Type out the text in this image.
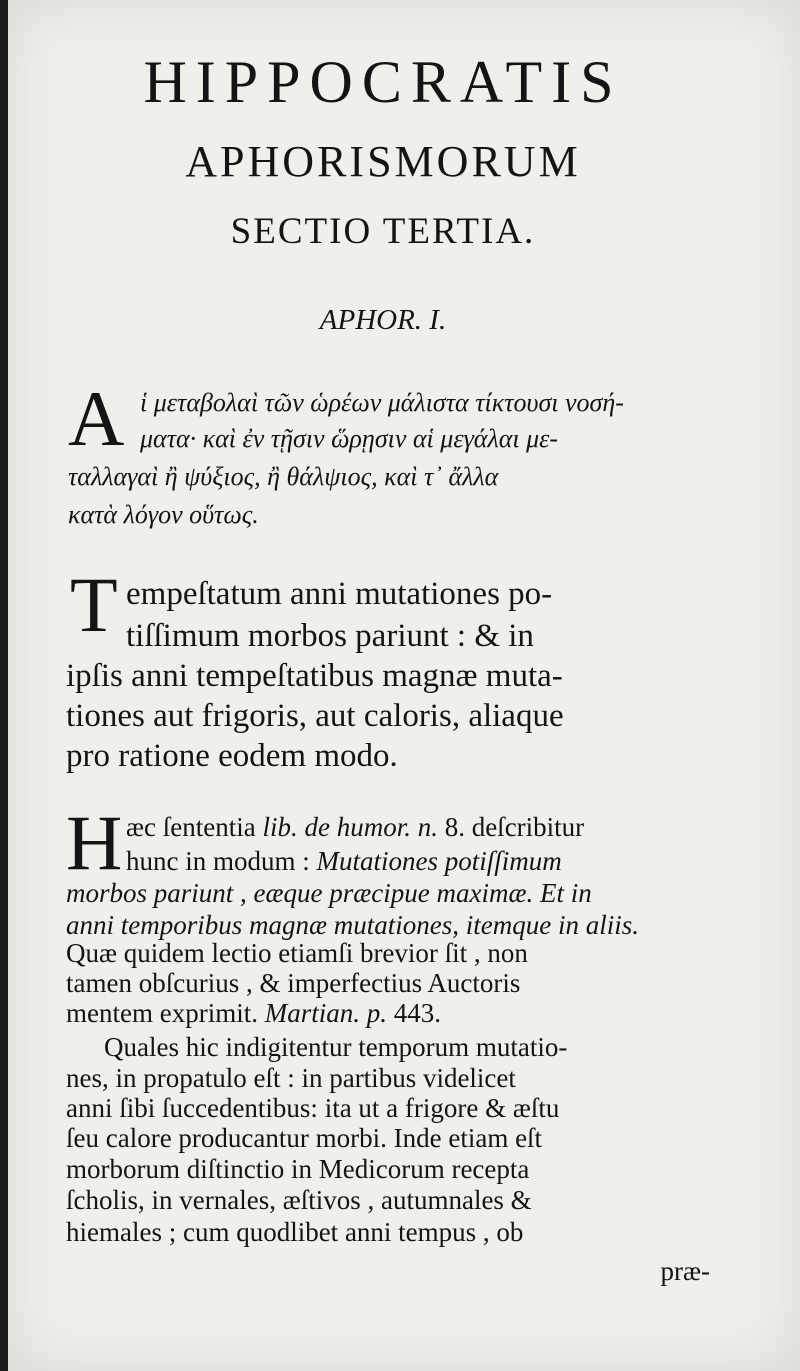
HIPPOCRATIS
APHORISMORUM
SECTIO TERTIA.
APHOR. I.
A ἱ μεταβολαὶ τῶν ὡρέων μάλιστα τίκτουσι νοσή-
ματα· καὶ ἐν τῇσιν ὥρῃσιν αἱ μεγάλαι με-
ταλλαγαὶ ἢ ψύξιος, ἢ θάλψιος, καὶ τ᾽ ἄλλα
κατὰ λόγον οὕτως.
T empeſtatum anni mutationes po-
tiſſimum morbos pariunt : & in
ipſis anni tempeſtatibus magnæ muta-
tiones aut frigoris, aut caloris, aliaque
pro ratione eodem modo.
H æc ſententia lib. de humor. n. 8. deſcribitur
hunc in modum : Mutationes potiſſimum
morbos pariunt , eæque præcipue maximæ. Et in
anni temporibus magnæ mutationes, itemque in aliis.
Quæ quidem lectio etiamſi brevior ſit , non
tamen obſcurius , & imperfectius Auctoris
mentem exprimit. Martian. p. 443.
Quales hic indigitentur temporum mutatio-
nes, in propatulo eſt : in partibus videlicet
anni ſibi ſuccedentibus: ita ut a frigore & æſtu
ſeu calore producantur morbi. Inde etiam eſt
morborum diſtinctio in Medicorum recepta
ſcholis, in vernales, æſtivos , autumnales &
hiemales ; cum quodlibet anni tempus , ob
præ-
